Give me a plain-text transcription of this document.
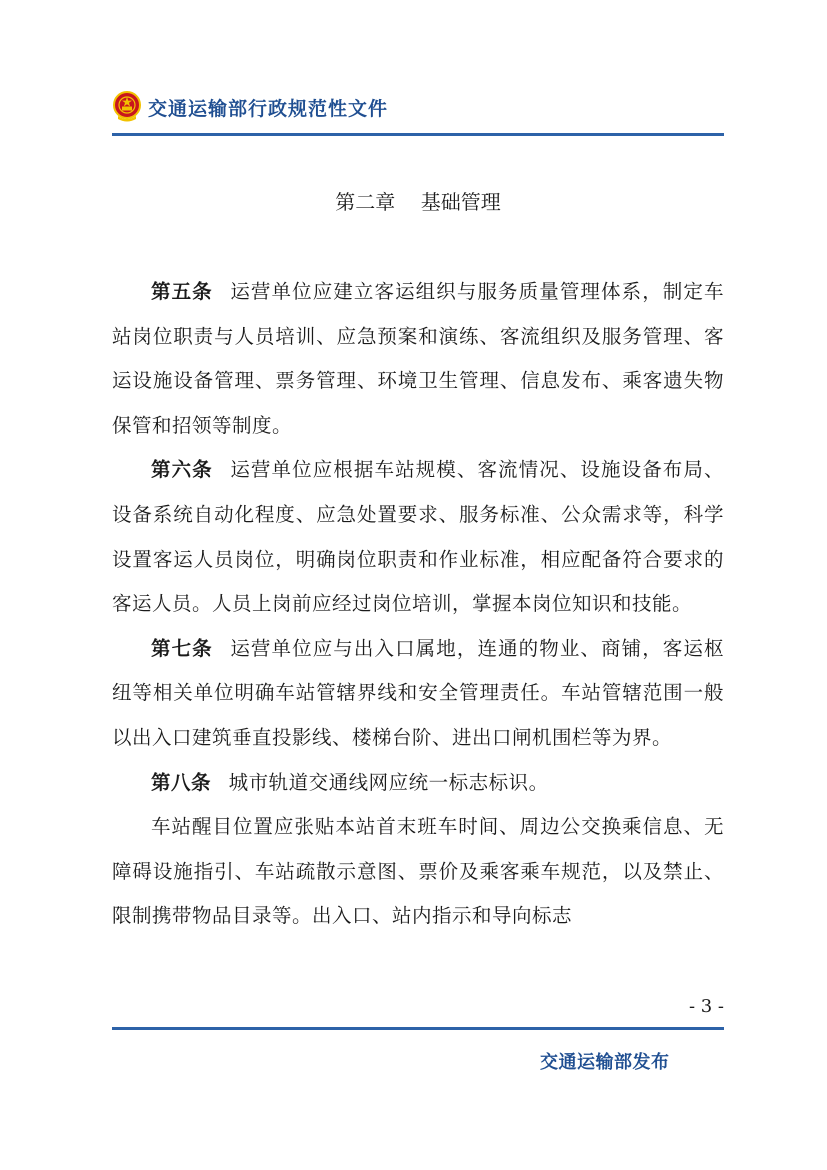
交通运输部行政规范性文件
第二章    基础管理

第五条 运营单位应建立客运组织与服务质量管理体系，制定车站岗位职责与人员培训、应急预案和演练、客流组织及服务管理、客运设施设备管理、票务管理、环境卫生管理、信息发布、乘客遗失物保管和招领等制度。

第六条 运营单位应根据车站规模、客流情况、设施设备布局、设备系统自动化程度、应急处置要求、服务标准、公众需求等，科学设置客运人员岗位，明确岗位职责和作业标准，相应配备符合要求的客运人员。人员上岗前应经过岗位培训，掌握本岗位知识和技能。

第七条 运营单位应与出入口属地，连通的物业、商铺，客运枢纽等相关单位明确车站管辖界线和安全管理责任。车站管辖范围一般以出入口建筑垂直投影线、楼梯台阶、进出口闸机围栏等为界。

第八条 城市轨道交通线网应统一标志标识。

车站醒目位置应张贴本站首末班车时间、周边公交换乘信息、无障碍设施指引、车站疏散示意图、票价及乘客乘车规范，以及禁止、限制携带物品目录等。出入口、站内指示和导向标志

- 3 -
交通运输部发布
